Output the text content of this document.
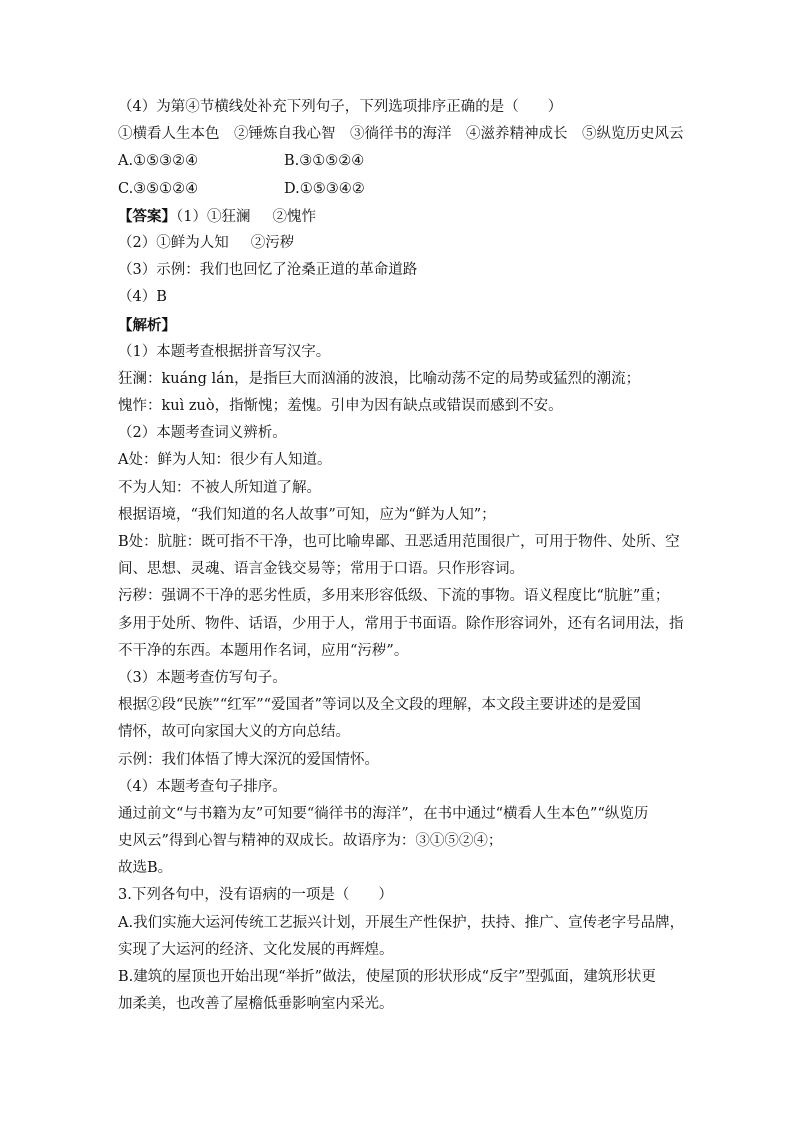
（4）为第④节横线处补充下列句子，下列选项排序正确的是（　　）
①横看人生本色　②锤炼自我心智　③徜徉书的海洋　④滋养精神成长　⑤纵览历史风云
A.①⑤③②④	B.③①⑤②④
C.③⑤①②④	D.①⑤③④②
【答案】（1）①狂澜 ②愧怍
（2）①鲜为人知 ②污秽
（3）示例：我们也回忆了沧桑正道的革命道路
（4）B
【解析】
（1）本题考查根据拼音写汉字。
狂澜：kuáng lán，是指巨大而汹涌的波浪，比喻动荡不定的局势或猛烈的潮流；
愧怍：kuì zuò，指惭愧；羞愧。引申为因有缺点或错误而感到不安。
（2）本题考查词义辨析。
A处：鲜为人知：很少有人知道。
不为人知：不被人所知道了解。
根据语境，“我们知道的名人故事”可知，应为“鲜为人知”；
B处：肮脏：既可指不干净，也可比喻卑鄙、丑恶适用范围很广，可用于物件、处所、空
间、思想、灵魂、语言金钱交易等；常用于口语。只作形容词。
污秽：强调不干净的恶劣性质，多用来形容低级、下流的事物。语义程度比“肮脏”重；
多用于处所、物件、话语，少用于人，常用于书面语。除作形容词外，还有名词用法，指
不干净的东西。本题用作名词，应用“污秽”。
（3）本题考查仿写句子。
根据②段“民族”“红军”“爱国者”等词以及全文段的理解，本文段主要讲述的是爱国
情怀，故可向家国大义的方向总结。
示例：我们体悟了博大深沉的爱国情怀。
（4）本题考查句子排序。
通过前文“与书籍为友”可知要“徜徉书的海洋”，在书中通过“横看人生本色”“纵览历
史风云”得到心智与精神的双成长。故语序为：③①⑤②④；
故选B。
3.下列各句中，没有语病的一项是（　　）
A.我们实施大运河传统工艺振兴计划，开展生产性保护，扶持、推广、宣传老字号品牌，
实现了大运河的经济、文化发展的再辉煌。
B.建筑的屋顶也开始出现“举折”做法，使屋顶的形状形成“反宇”型弧面，建筑形状更
加柔美，也改善了屋檐低垂影响室内采光。
